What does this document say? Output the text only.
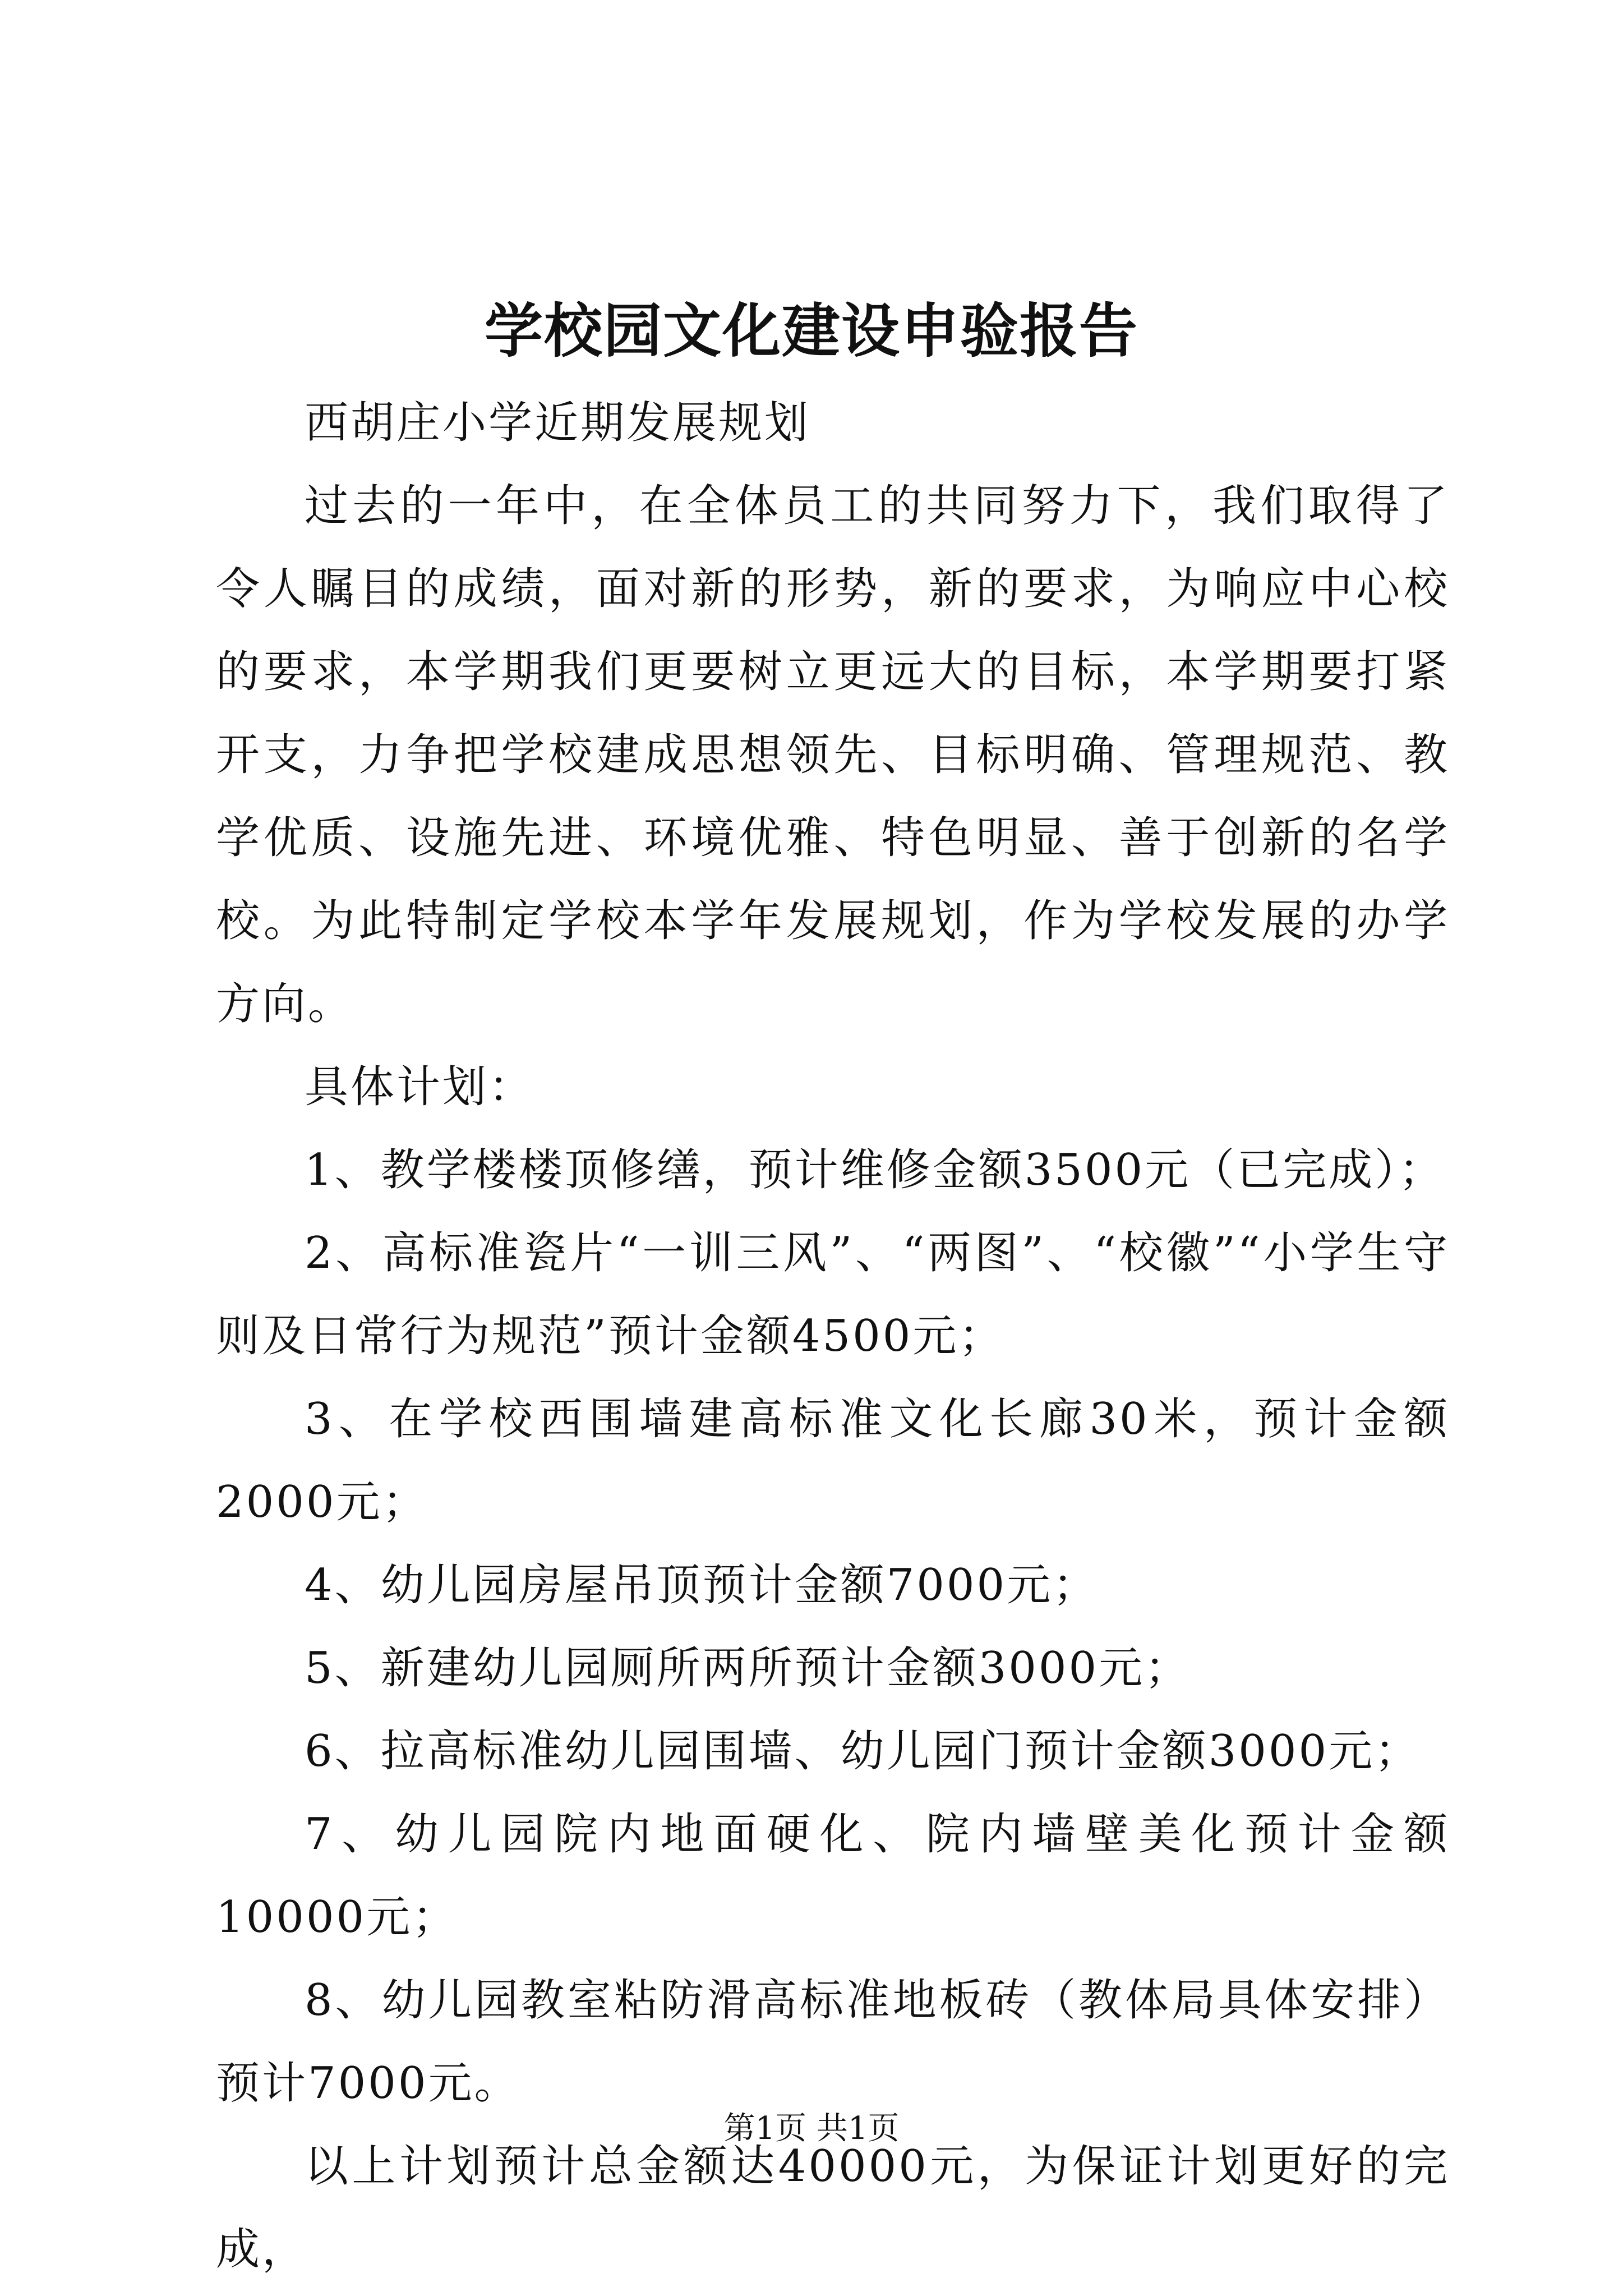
学校园文化建设申验报告

西胡庄小学近期发展规划

过去的一年中，在全体员工的共同努力下，我们取得了令人瞩目的成绩，面对新的形势，新的要求，为响应中心校的要求，本学期我们更要树立更远大的目标，本学期要打紧开支，力争把学校建成思想领先、目标明确、管理规范、教学优质、设施先进、环境优雅、特色明显、善于创新的名学校。为此特制定学校本学年发展规划，作为学校发展的办学方向。

具体计划：

1、教学楼楼顶修缮，预计维修金额3500元（已完成）；

2、高标准瓷片“一训三风”、“两图”、“校徽”“小学生守则及日常行为规范”预计金额4500元；

3、在学校西围墙建高标准文化长廊30米，预计金额2000元；

4、幼儿园房屋吊顶预计金额7000元；

5、新建幼儿园厕所两所预计金额3000元；

6、拉高标准幼儿园围墙、幼儿园门预计金额3000元；

7、幼儿园院内地面硬化、院内墙壁美化预计金额10000元；

8、幼儿园教室粘防滑高标准地板砖（教体局具体安排）预计7000元。

以上计划预计总金额达40000元，为保证计划更好的完成，

第1页 共1页
